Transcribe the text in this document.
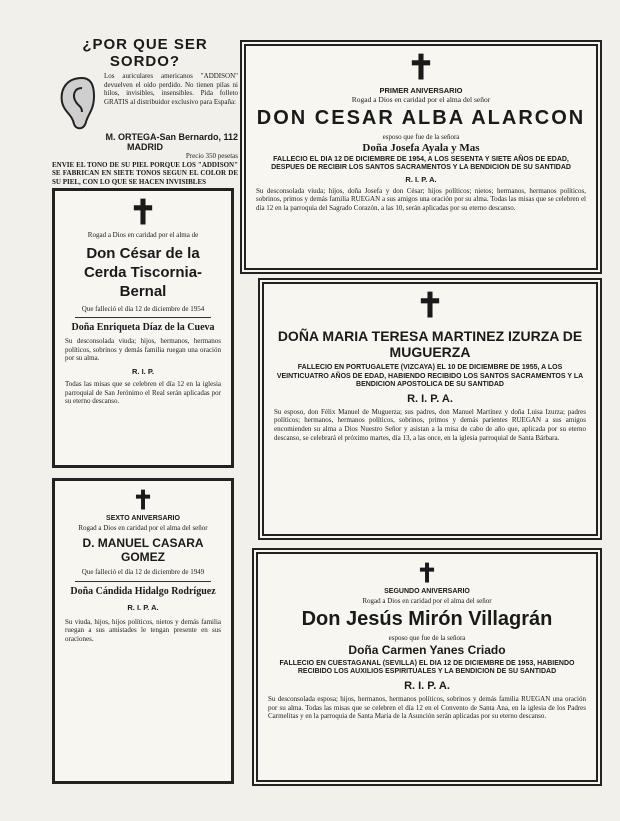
¿POR QUE SER SORDO?

Los auriculares americanos "ADDISON" devuelven el oído perdido. No tienen pilas ni hilos, invisibles, insensibles. Pida folleto GRATIS al distribuidor exclusivo para España:

M. ORTEGA-San Bernardo, 112
MADRID
Precio 350 pesetas

ENVIE EL TONO DE SU PIEL PORQUE LOS "ADDISON" SE FABRICAN EN SIETE TONOS SEGUN EL COLOR DE SU PIEL, CON LO QUE SE HACEN INVISIBLES

✝
PRIMER ANIVERSARIO
Rogad a Dios en caridad por el alma del señor
DON CESAR ALBA ALARCON
esposo que fue de la señora
Doña Josefa Ayala y Mas

FALLECIO EL DIA 12 DE DICIEMBRE DE 1954, A LOS SESENTA Y SIETE AÑOS DE EDAD, DESPUES DE RECIBIR LOS SANTOS SACRAMENTOS Y LA BENDICION DE SU SANTIDAD

R. I. P. A.

Su desconsolada viuda; hijos, doña Josefa y don César; hijos políticos; nietos; hermanos, hermanos políticos, sobrinos, primos y demás familia RUEGAN a sus amigos una oración por su alma. Todas las misas que se celebren el día 12 en la parroquia del Sagrado Corazón, a las 10, serán aplicadas por su eterno descanso.

✝
Rogad a Dios en caridad por el alma de
Don César de la Cerda Tiscornia-Bernal
Que falleció el día 12 de diciembre de 1954
Doña Enriqueta Díaz de la Cueva

Su desconsolada viuda; hijos, hermanos, hermanos políticos, sobrinos y demás familia ruegan una oración por su alma.

R. I. P.

Todas las misas que se celebren el día 12 en la iglesia parroquial de San Jerónimo el Real serán aplicadas por su eterno descanso.

✝
DOÑA MARIA TERESA MARTINEZ IZURZA DE MUGUERZA

FALLECIO EN PORTUGALETE (VIZCAYA) EL 10 DE DICIEMBRE DE 1955, A LOS VEINTICUATRO AÑOS DE EDAD, HABIENDO RECIBIDO LOS SANTOS SACRAMENTOS Y LA BENDICION APOSTOLICA DE SU SANTIDAD

R. I. P. A.

Su esposo, don Félix Manuel de Muguerza; sus padres, don Manuel Martínez y doña Luisa Izurza; padres políticos; hermanos, hermanos políticos, sobrinos, primos y demás parientes RUEGAN a sus amigos encomienden su alma a Dios Nuestro Señor y asistan a la misa de cabo de año que, aplicada por su eterno descanso, se celebrará el próximo martes, día 13, a las once, en la iglesia parroquial de Santa Bárbara.

✝
SEXTO ANIVERSARIO
Rogad a Dios en caridad por el alma del señor
D. MANUEL CASARA GOMEZ
Que falleció el día 12 de diciembre de 1949
Doña Cándida Hidalgo Rodríguez
R. I. P. A.

Su viuda, hijos, hijos políticos, nietos y demás familia ruegan a sus amistades le tengan presente en sus oraciones.

✝
SEGUNDO ANIVERSARIO
Rogad a Dios en caridad por el alma del señor
Don Jesús Mirón Villagrán
esposo que fue de la señora
Doña Carmen Yanes Criado

FALLECIO EN CUESTAGANAL (SEVILLA) EL DIA 12 DE DICIEMBRE DE 1953, HABIENDO RECIBIDO LOS AUXILIOS ESPIRITUALES Y LA BENDICION DE SU SANTIDAD

R. I. P. A.

Su desconsolada esposa; hijos, hermanos, hermanos políticos, sobrinos y demás familia RUEGAN una oración por su alma. Todas las misas que se celebren el día 12 en el Convento de Santa Ana, en la iglesia de los Padres Carmelitas y en la parroquia de Santa María de la Asunción serán aplicadas por su eterno descanso.
